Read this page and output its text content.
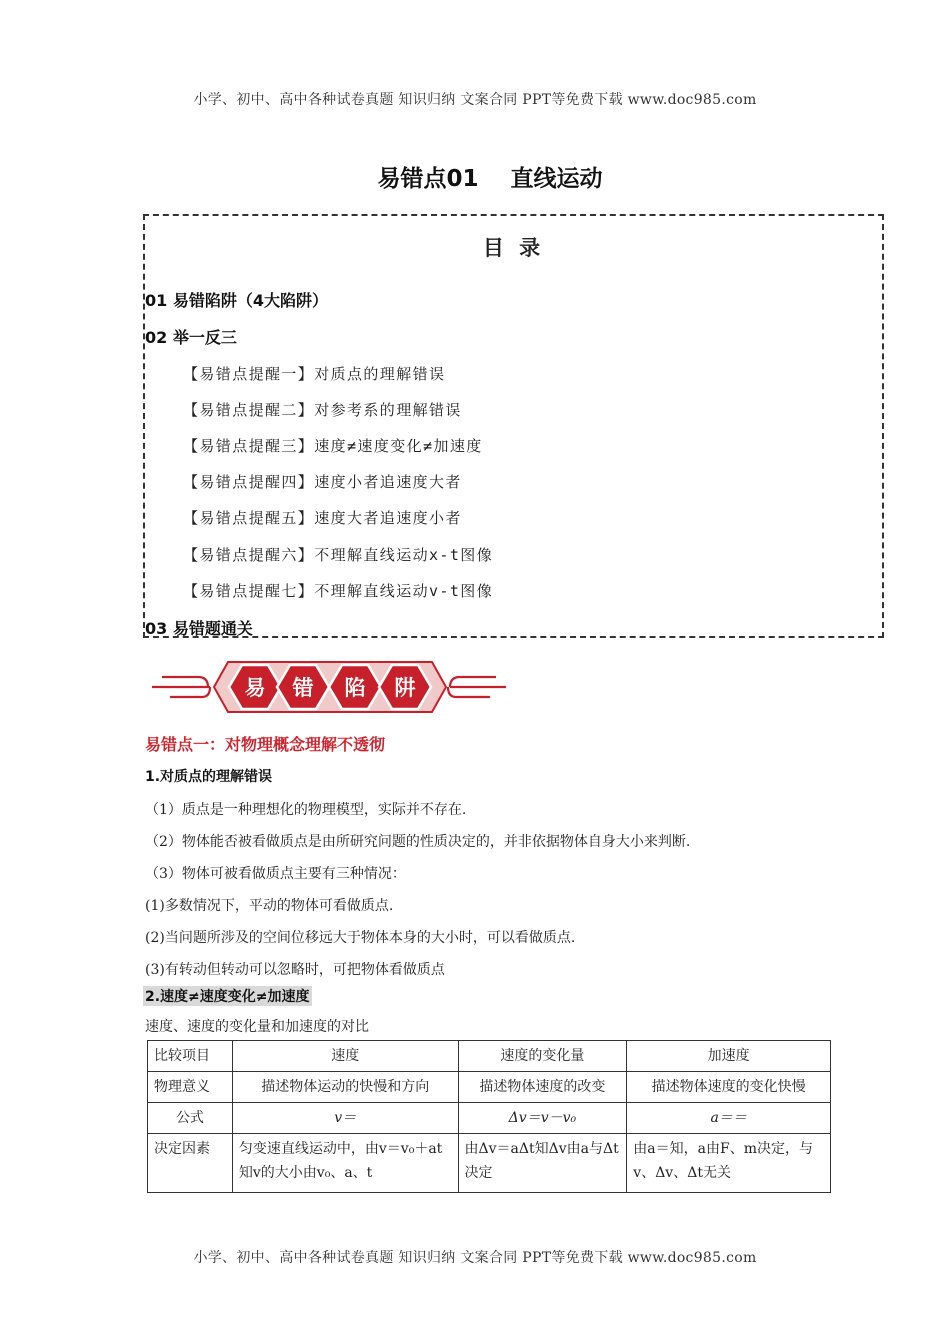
小学、初中、高中各种试卷真题 知识归纳 文案合同 PPT等免费下载 www.doc985.com
易错点01    直线运动
目 录
01 易错陷阱（4大陷阱）
02 举一反三
【易错点提醒一】对质点的理解错误
【易错点提醒二】对参考系的理解错误
【易错点提醒三】速度≠速度变化≠加速度
【易错点提醒四】速度小者追速度大者
【易错点提醒五】速度大者追速度小者
【易错点提醒六】不理解直线运动x-t图像
【易错点提醒七】不理解直线运动v-t图像
03 易错题通关
易 错 陷 阱
易错点一：对物理概念理解不透彻
1.对质点的理解错误
（1）质点是一种理想化的物理模型，实际并不存在.
（2）物体能否被看做质点是由所研究问题的性质决定的，并非依据物体自身大小来判断.
（3）物体可被看做质点主要有三种情况：
(1)多数情况下，平动的物体可看做质点.
(2)当问题所涉及的空间位移远大于物体本身的大小时，可以看做质点.
(3)有转动但转动可以忽略时，可把物体看做质点
2.速度≠速度变化≠加速度
速度、速度的变化量和加速度的对比
比较项目	速度	速度的变化量	加速度
物理意义	描述物体运动的快慢和方向	描述物体速度的改变	描述物体速度的变化快慢
公式	v＝	Δv＝v－v₀	a＝＝
决定因素	匀变速直线运动中，由v＝v₀＋at知v的大小由v₀、a、t	由Δv＝aΔt知Δv由a与Δt决定	由a＝知，a由F、m决定，与v、Δv、Δt无关
小学、初中、高中各种试卷真题 知识归纳 文案合同 PPT等免费下载 www.doc985.com
